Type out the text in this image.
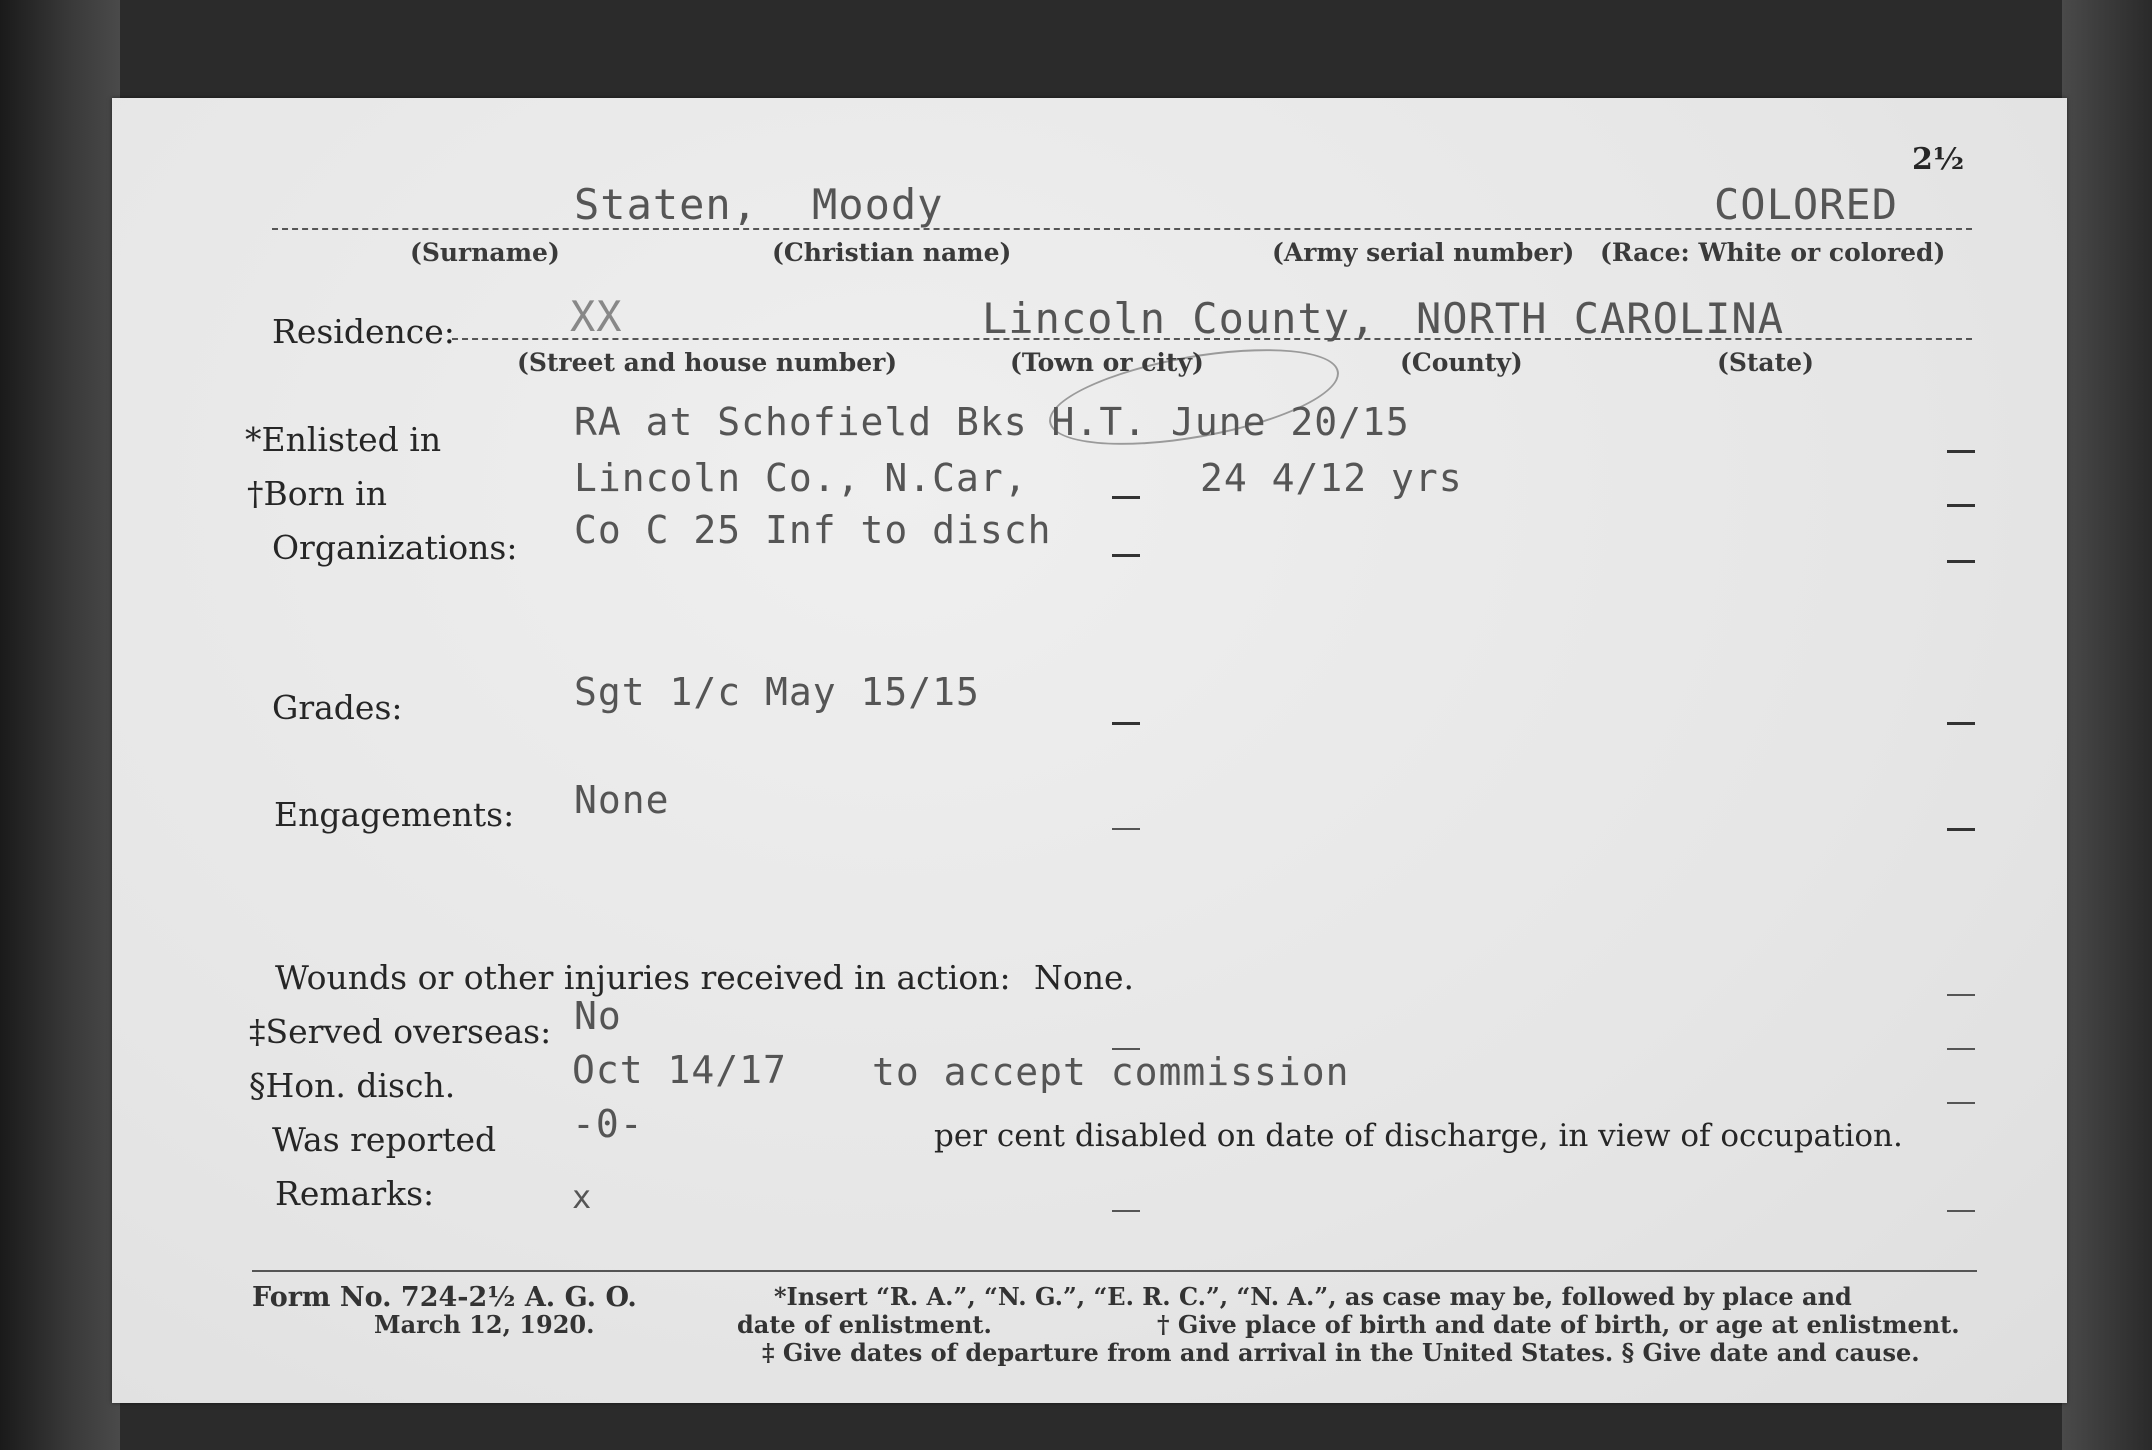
2½
Staten, Moody	COLORED
(Surname)	(Christian name)	(Army serial number) (Race: White or colored)
Residence:	XX	Lincoln County, NORTH CAROLINA
(Street and house number)	(Town or city)	(County)	(State)
*Enlisted in	RA at Schofield Bks H.T. June 20/15
†Born in	Lincoln Co., N.Car,	24 4/12 yrs
Organizations: Co C 25 Inf to disch
Grades:	Sgt 1/c May 15/15
Engagements: None
Wounds or other injuries received in action: None.
‡Served overseas: No
§Hon. disch.	Oct 14/17 to accept commission
Was reported -0-	per cent disabled on date of discharge, in view of occupation.
Remarks:	x
Form No. 724-2½ A. G. O.
March 12, 1920.
*Insert “R. A.”, “N. G.”, “E. R. C.”, “N. A.”, as case may be, followed by place and
date of enlistment.	† Give place of birth and date of birth, or age at enlistment.
‡ Give dates of departure from and arrival in the United States. § Give date and cause.
